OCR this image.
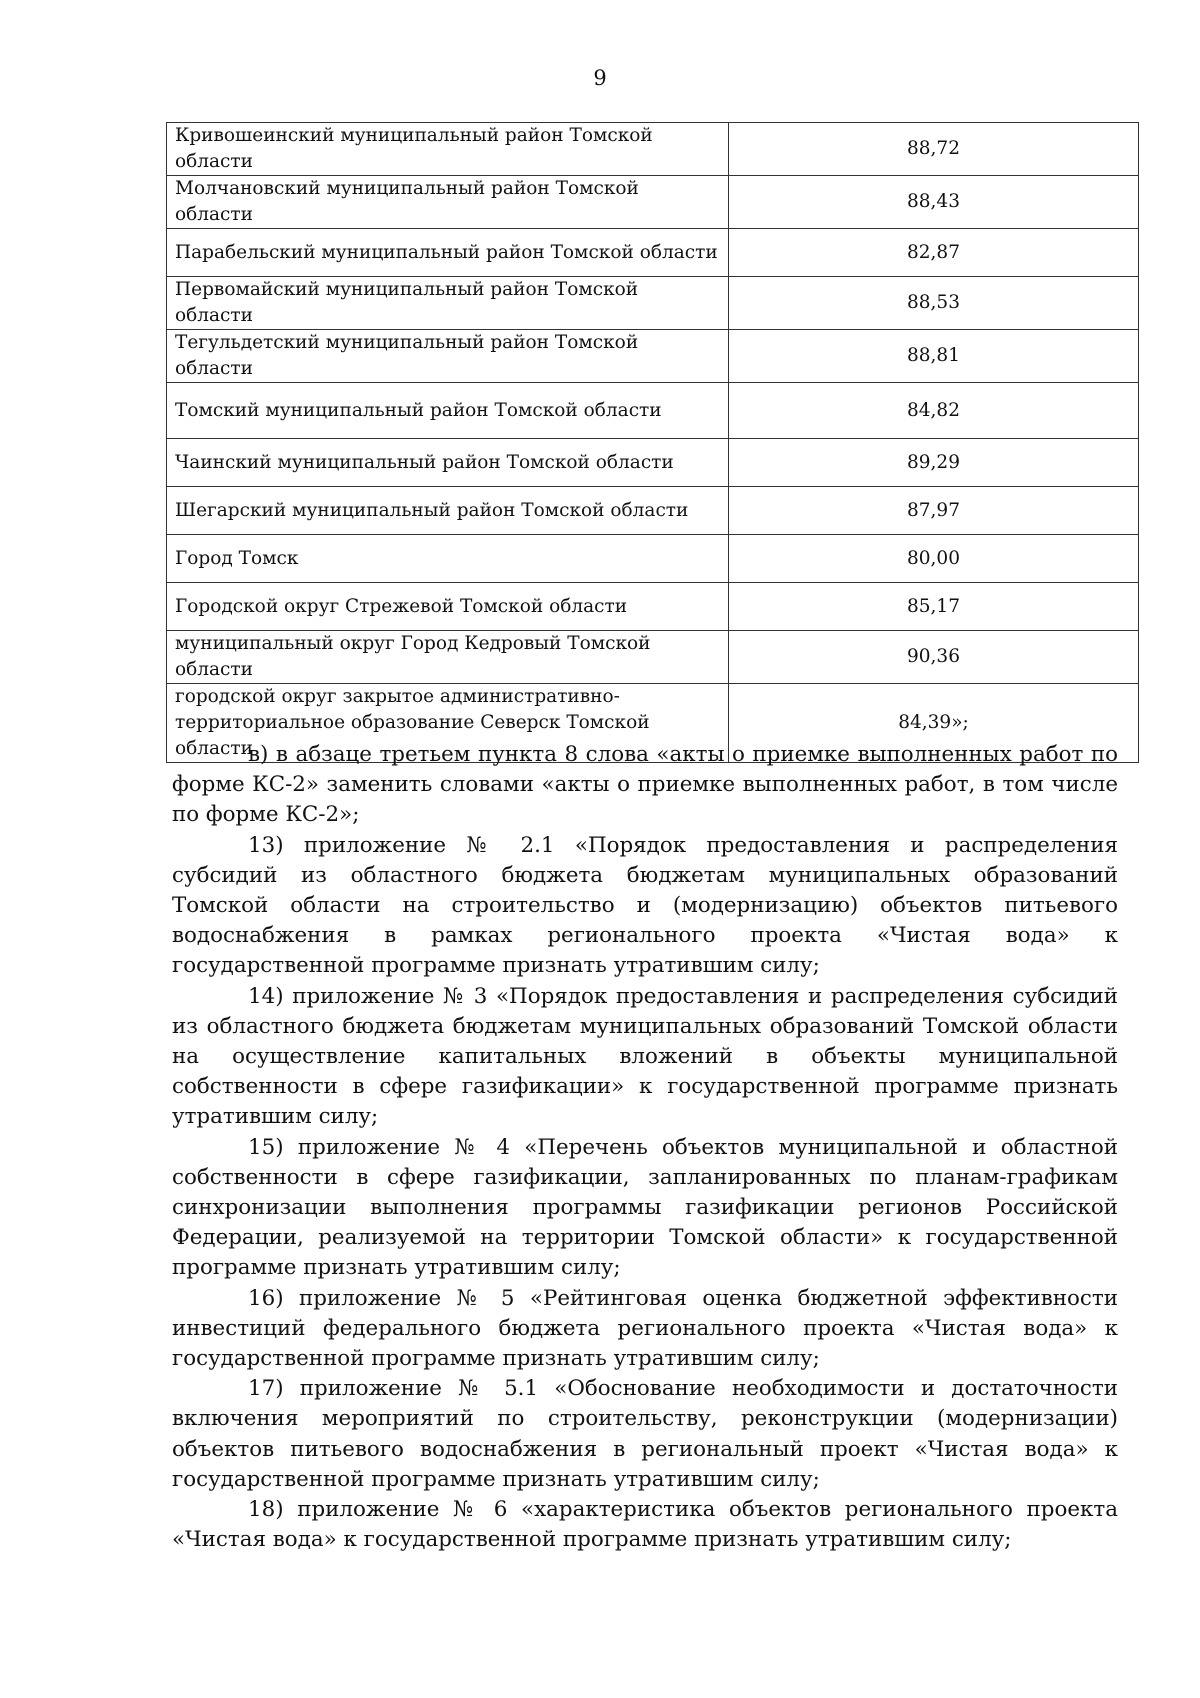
9
Кривошеинский муниципальный район Томской области	88,72
Молчановский муниципальный район Томской области	88,43
Парабельский муниципальный район Томской области	82,87
Первомайский муниципальный район Томской области	88,53
Тегульдетский муниципальный район Томской области	88,81
Томский муниципальный район Томской области	84,82
Чаинский муниципальный район Томской области	89,29
Шегарский муниципальный район Томской области	87,97
Город Томск	80,00
Городской округ Стрежевой Томской области	85,17
муниципальный округ Город Кедровый Томской области	90,36
городской округ закрытое административно-территориальное образование Северск Томской области	84,39»;

в) в абзаце третьем пункта 8 слова «акты о приемке выполненных работ по форме КС-2» заменить словами «акты о приемке выполненных работ, в том числе по форме КС-2»;

13) приложение № 2.1 «Порядок предоставления и распределения субсидий из областного бюджета бюджетам муниципальных образований Томской области на строительство и (модернизацию) объектов питьевого водоснабжения в рамках регионального проекта «Чистая вода» к государственной программе признать утратившим силу;

14) приложение № 3 «Порядок предоставления и распределения субсидий из областного бюджета бюджетам муниципальных образований Томской области на осуществление капитальных вложений в объекты муниципальной собственности в сфере газификации» к государственной программе признать утратившим силу;

15) приложение № 4 «Перечень объектов муниципальной и областной собственности в сфере газификации, запланированных по планам-графикам синхронизации выполнения программы газификации регионов Российской Федерации, реализуемой на территории Томской области» к государственной программе признать утратившим силу;

16) приложение № 5 «Рейтинговая оценка бюджетной эффективности инвестиций федерального бюджета регионального проекта «Чистая вода» к государственной программе признать утратившим силу;

17) приложение № 5.1 «Обоснование необходимости и достаточности включения мероприятий по строительству, реконструкции (модернизации) объектов питьевого водоснабжения в региональный проект «Чистая вода» к государственной программе признать утратившим силу;

18) приложение № 6 «характеристика объектов регионального проекта «Чистая вода» к государственной программе признать утратившим силу;
